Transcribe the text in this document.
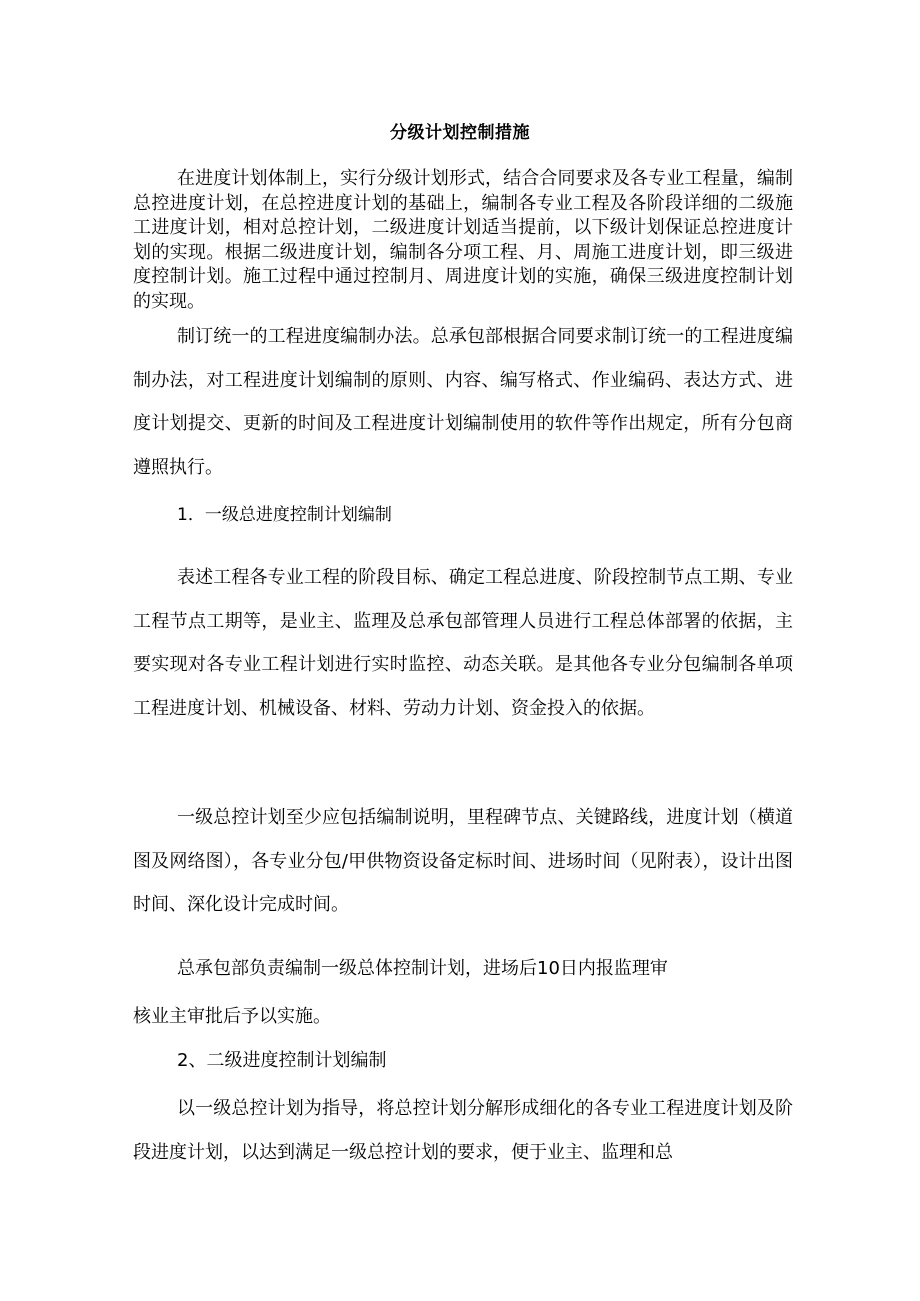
分级计划控制措施

在进度计划体制上，实行分级计划形式，结合合同要求及各专业工程量，编制总控进度计划，在总控进度计划的基础上，编制各专业工程及各阶段详细的二级施工进度计划，相对总控计划，二级进度计划适当提前，以下级计划保证总控进度计划的实现。根据二级进度计划，编制各分项工程、月、周施工进度计划，即三级进度控制计划。施工过程中通过控制月、周进度计划的实施，确保三级进度控制计划的实现。

制订统一的工程进度编制办法。总承包部根据合同要求制订统一的工程进度编制办法，对工程进度计划编制的原则、内容、编写格式、作业编码、表达方式、进度计划提交、更新的时间及工程进度计划编制使用的软件等作出规定，所有分包商遵照执行。

1．一级总进度控制计划编制

表述工程各专业工程的阶段目标、确定工程总进度、阶段控制节点工期、专业工程节点工期等，是业主、监理及总承包部管理人员进行工程总体部署的依据，主要实现对各专业工程计划进行实时监控、动态关联。是其他各专业分包编制各单项工程进度计划、机械设备、材料、劳动力计划、资金投入的依据。

一级总控计划至少应包括编制说明，里程碑节点、关键路线，进度计划（横道图及网络图），各专业分包/甲供物资设备定标时间、进场时间（见附表），设计出图时间、深化设计完成时间。

总承包部负责编制一级总体控制计划，进场后10日内报监理审

核业主审批后予以实施。

2、二级进度控制计划编制

以一级总控计划为指导，将总控计划分解形成细化的各专业工程进度计划及阶段进度计划，以达到满足一级总控计划的要求，便于业主、监理和总
